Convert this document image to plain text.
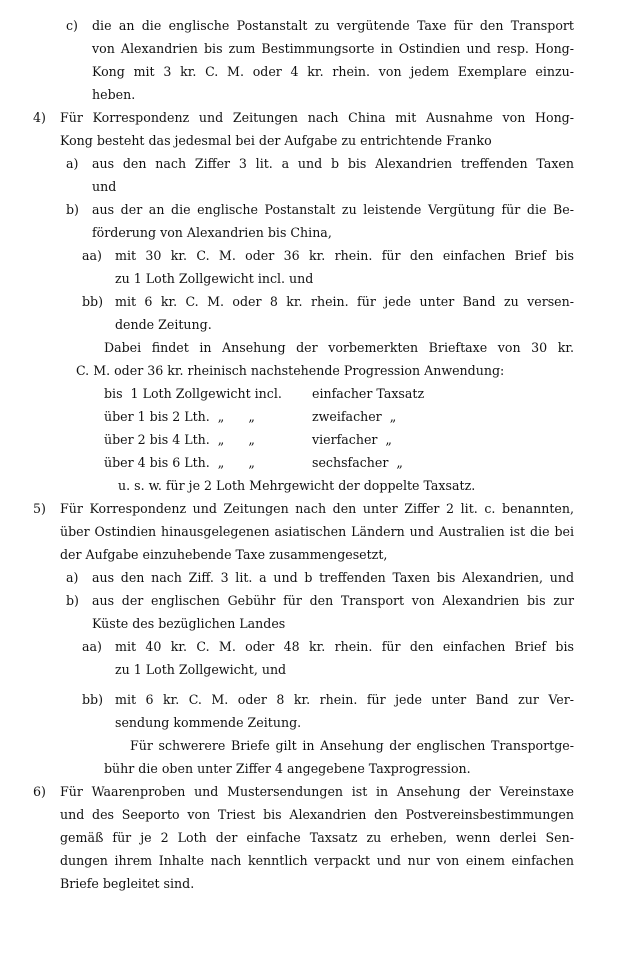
c) die an die englische Postanstalt zu vergütende Taxe für den Transport
von Alexandrien bis zum Bestimmungsorte in Ostindien und resp. Hong-
Kong mit 3 kr. C. M. oder 4 kr. rhein. von jedem Exemplare einzu-
heben.
4) Für Korrespondenz und Zeitungen nach China mit Ausnahme von Hong-
Kong besteht das jedesmal bei der Aufgabe zu entrichtende Franko
a) aus den nach Ziffer 3 lit. a und b bis Alexandrien treffenden Taxen
und
b) aus der an die englische Postanstalt zu leistende Vergütung für die Be-
förderung von Alexandrien bis China,
aa) mit 30 kr. C. M. oder 36 kr. rhein. für den einfachen Brief bis
zu 1 Loth Zollgewicht incl. und
bb) mit 6 kr. C. M. oder 8 kr. rhein. für jede unter Band zu versen-
dende Zeitung.
Dabei findet in Ansehung der vorbemerkten Brieftaxe von 30 kr.
C. M. oder 36 kr. rheinisch nachstehende Progression Anwendung:
bis  1 Loth Zollgewicht incl. einfacher Taxsatz
über 1 bis 2 Lth.  „      „	zweifacher  „
über 2 bis 4 Lth.  „      „	vierfacher  „
über 4 bis 6 Lth.  „      „	sechsfacher  „
u. s. w. für je 2 Loth Mehrgewicht der doppelte Taxsatz.
5) Für Korrespondenz und Zeitungen nach den unter Ziffer 2 lit. c. benannten,
über Ostindien hinausgelegenen asiatischen Ländern und Australien ist die bei
der Aufgabe einzuhebende Taxe zusammengesetzt,
a) aus den nach Ziff. 3 lit. a und b treffenden Taxen bis Alexandrien, und
b) aus der englischen Gebühr für den Transport von Alexandrien bis zur
Küste des bezüglichen Landes
aa) mit 40 kr. C. M. oder 48 kr. rhein. für den einfachen Brief bis
zu 1 Loth Zollgewicht, und
bb) mit 6 kr. C. M. oder 8 kr. rhein. für jede unter Band zur Ver-
sendung kommende Zeitung.
Für schwerere Briefe gilt in Ansehung der englischen Transportge-
bühr die oben unter Ziffer 4 angegebene Taxprogression.
6) Für Waarenproben und Mustersendungen ist in Ansehung der Vereinstaxe
und des Seeporto von Triest bis Alexandrien den Postvereinsbestimmungen
gemäß für je 2 Loth der einfache Taxsatz zu erheben, wenn derlei Sen-
dungen ihrem Inhalte nach kenntlich verpackt und nur von einem einfachen
Briefe begleitet sind.
